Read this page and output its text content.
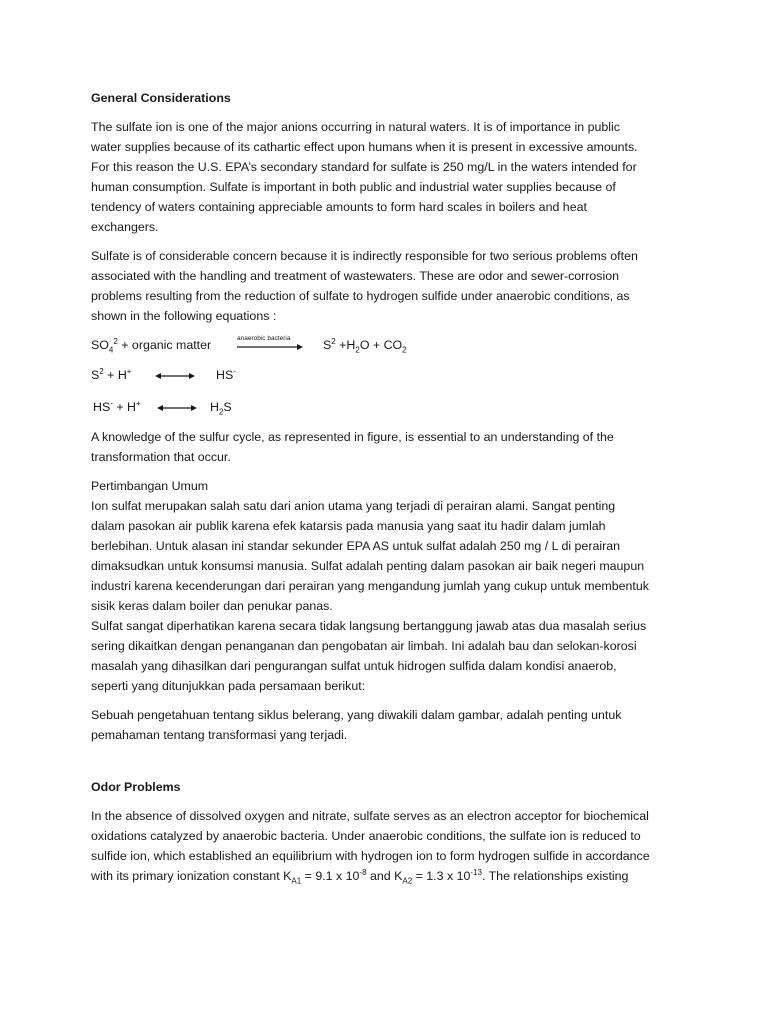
General Considerations

The sulfate ion is one of the major anions occurring in natural waters. It is of importance in public water supplies because of its cathartic effect upon humans when it is present in excessive amounts. For this reason the U.S. EPA’s secondary standard for sulfate is 250 mg/L in the waters intended for human consumption. Sulfate is important in both public and industrial water supplies because of tendency of waters containing appreciable amounts to form hard scales in boilers and heat exchangers.

Sulfate is of considerable concern because it is indirectly responsible for two serious problems often associated with the handling and treatment of wastewaters. These are odor and sewer-corrosion problems resulting from the reduction of sulfate to hydrogen sulfide under anaerobic conditions, as shown in the following equations :

$SO_4^2$ + organic matter	anaerobic bacteria	$S^2 +H_2O + CO_2$
$S^2 + H^+$	HS-
HS- + H+	$H_2S$

A knowledge of the sulfur cycle, as represented in figure, is essential to an understanding of the transformation that occur.

Pertimbangan Umum
Ion sulfat merupakan salah satu dari anion utama yang terjadi di perairan alami. Sangat penting dalam pasokan air publik karena efek katarsis pada manusia yang saat itu hadir dalam jumlah berlebihan. Untuk alasan ini standar sekunder EPA AS untuk sulfat adalah 250 mg / L di perairan dimaksudkan untuk konsumsi manusia. Sulfat adalah penting dalam pasokan air baik negeri maupun industri karena kecenderungan dari perairan yang mengandung jumlah yang cukup untuk membentuk sisik keras dalam boiler dan penukar panas.

Sulfat sangat diperhatikan karena secara tidak langsung bertanggung jawab atas dua masalah serius sering dikaitkan dengan penanganan dan pengobatan air limbah. Ini adalah bau dan selokan-korosi masalah yang dihasilkan dari pengurangan sulfat untuk hidrogen sulfida dalam kondisi anaerob, seperti yang ditunjukkan pada persamaan berikut:

Sebuah pengetahuan tentang siklus belerang, yang diwakili dalam gambar, adalah penting untuk pemahaman tentang transformasi yang terjadi.

Odor Problems

In the absence of dissolved oxygen and nitrate, sulfate serves as an electron acceptor for biochemical oxidations catalyzed by anaerobic bacteria. Under anaerobic conditions, the sulfate ion is reduced to sulfide ion, which established an equilibrium with hydrogen ion to form hydrogen sulfide in accordance with its primary ionization constant $K_{A1} = 9.1$ x $10^{-8}$ and $K_{A2} = 1.3$ x $10^{-13}$. The relationships existing
